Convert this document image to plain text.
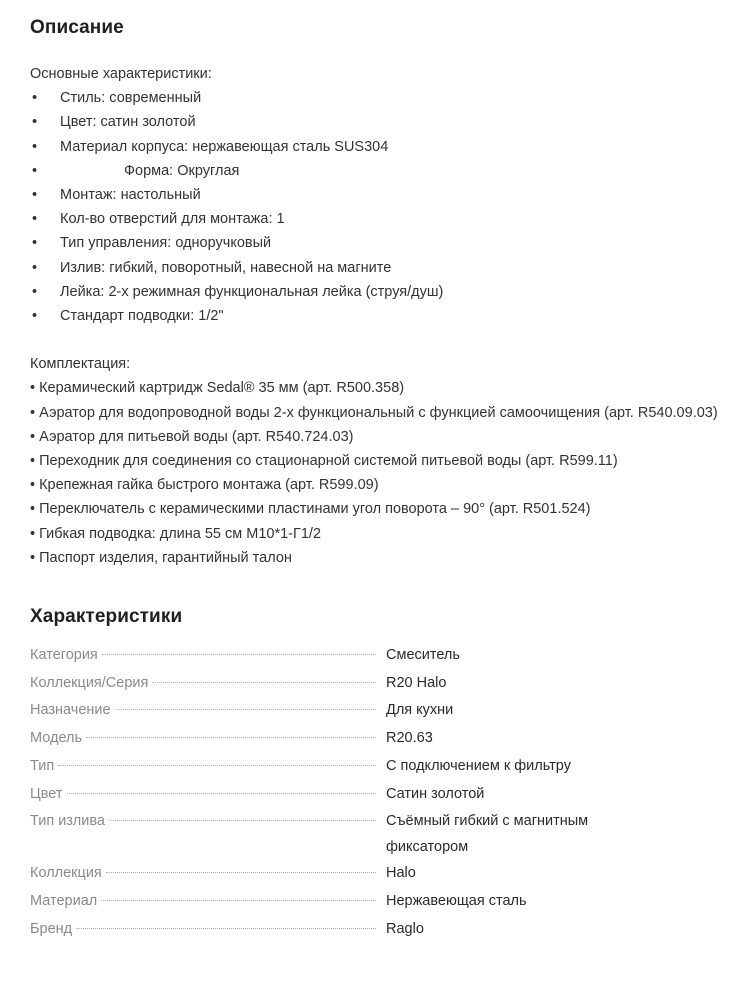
Описание

Основные характеристики:

• Стиль: современный
• Цвет: сатин золотой
• Материал корпуса: нержавеющая сталь SUS304
• Форма: Округлая
• Монтаж: настольный
• Кол-во отверстий для монтажа: 1
• Тип управления: одноручковый
• Излив: гибкий, поворотный, навесной на магните
• Лейка: 2-х режимная функциональная лейка (струя/душ)
• Стандарт подводки: 1/2"

Комплектация:

• Керамический картридж Sedal® 35 мм (арт. R500.358)
• Аэратор для водопроводной воды 2-х функциональный с функцией самоочищения (арт. R540.09.03)
• Аэратор для питьевой воды (арт. R540.724.03)
• Переходник для соединения со стационарной системой питьевой воды (арт. R599.11)
• Крепежная гайка быстрого монтажа (арт. R599.09)
• Переключатель с керамическими пластинами угол поворота – 90° (арт. R501.524)
• Гибкая подводка: длина 55 см M10*1-Г1/2
• Паспорт изделия, гарантийный талон
Характеристики
Категория	Смеситель

Коллекция/Серия	R20 Halo

Назначение	Для кухни

Модель	R20.63

Тип	С подключением к фильтру

Цвет	Сатин золотой

Тип излива	Съёмный гибкий с магнитным фиксатором

Коллекция	Halo

Материал	Нержавеющая сталь

Бренд	Raglo
